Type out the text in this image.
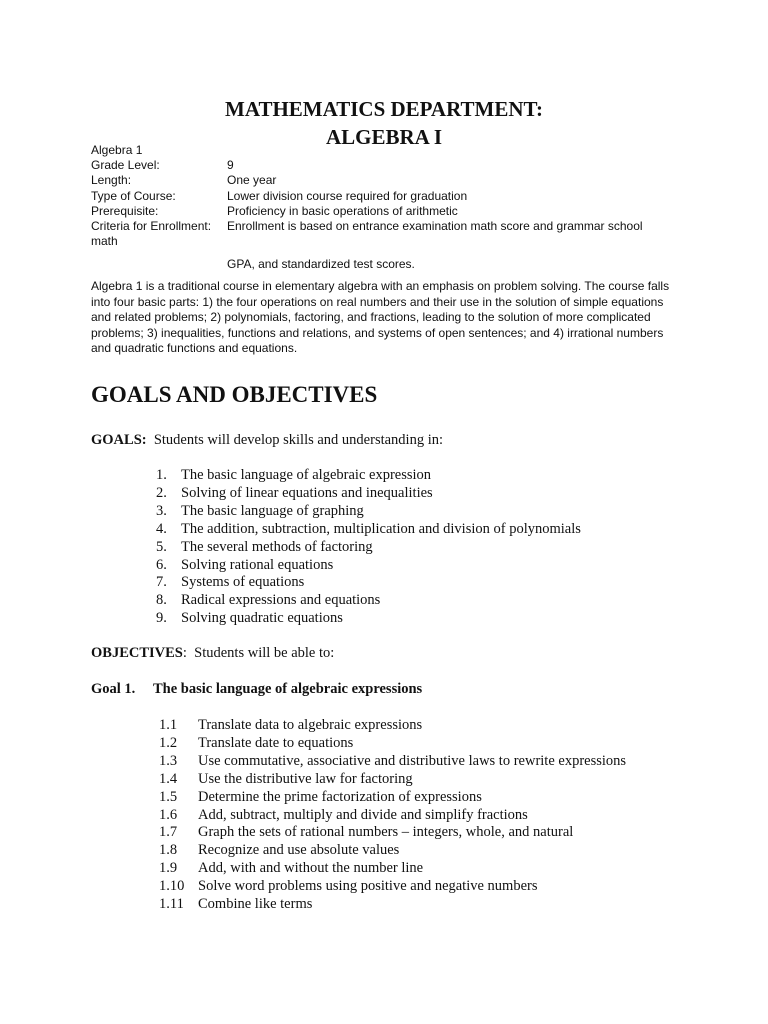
MATHEMATICS DEPARTMENT:
ALGEBRA I
Algebra 1
Grade Level:	9
Length:	One year
Type of Course:	Lower division course required for graduation
Prerequisite:	Proficiency in basic operations of arithmetic
Criteria for Enrollment:	Enrollment is based on entrance examination math score and grammar school
math
GPA, and standardized test scores.
Algebra 1 is a traditional course in elementary algebra with an emphasis on problem solving. The course falls into four basic parts: 1) the four operations on real numbers and their use in the solution of simple equations and related problems; 2) polynomials, factoring, and fractions, leading to the solution of more complicated problems; 3) inequalities, functions and relations, and systems of open sentences; and 4) irrational numbers and quadratic functions and equations.
GOALS AND OBJECTIVES
GOALS:  Students will develop skills and understanding in:
1. The basic language of algebraic expression
2. Solving of linear equations and inequalities
3. The basic language of graphing
4. The addition, subtraction, multiplication and division of polynomials
5. The several methods of factoring
6. Solving rational equations
7. Systems of equations
8. Radical expressions and equations
9. Solving quadratic equations
OBJECTIVES:  Students will be able to:
Goal 1.	The basic language of algebraic expressions
1.1	Translate data to algebraic expressions
1.2	Translate date to equations
1.3	Use commutative, associative and distributive laws to rewrite expressions
1.4	Use the distributive law for factoring
1.5	Determine the prime factorization of expressions
1.6	Add, subtract, multiply and divide and simplify fractions
1.7	Graph the sets of rational numbers – integers, whole, and natural
1.8	Recognize and use absolute values
1.9	Add, with and without the number line
1.10 Solve word problems using positive and negative numbers
1.11 Combine like terms
